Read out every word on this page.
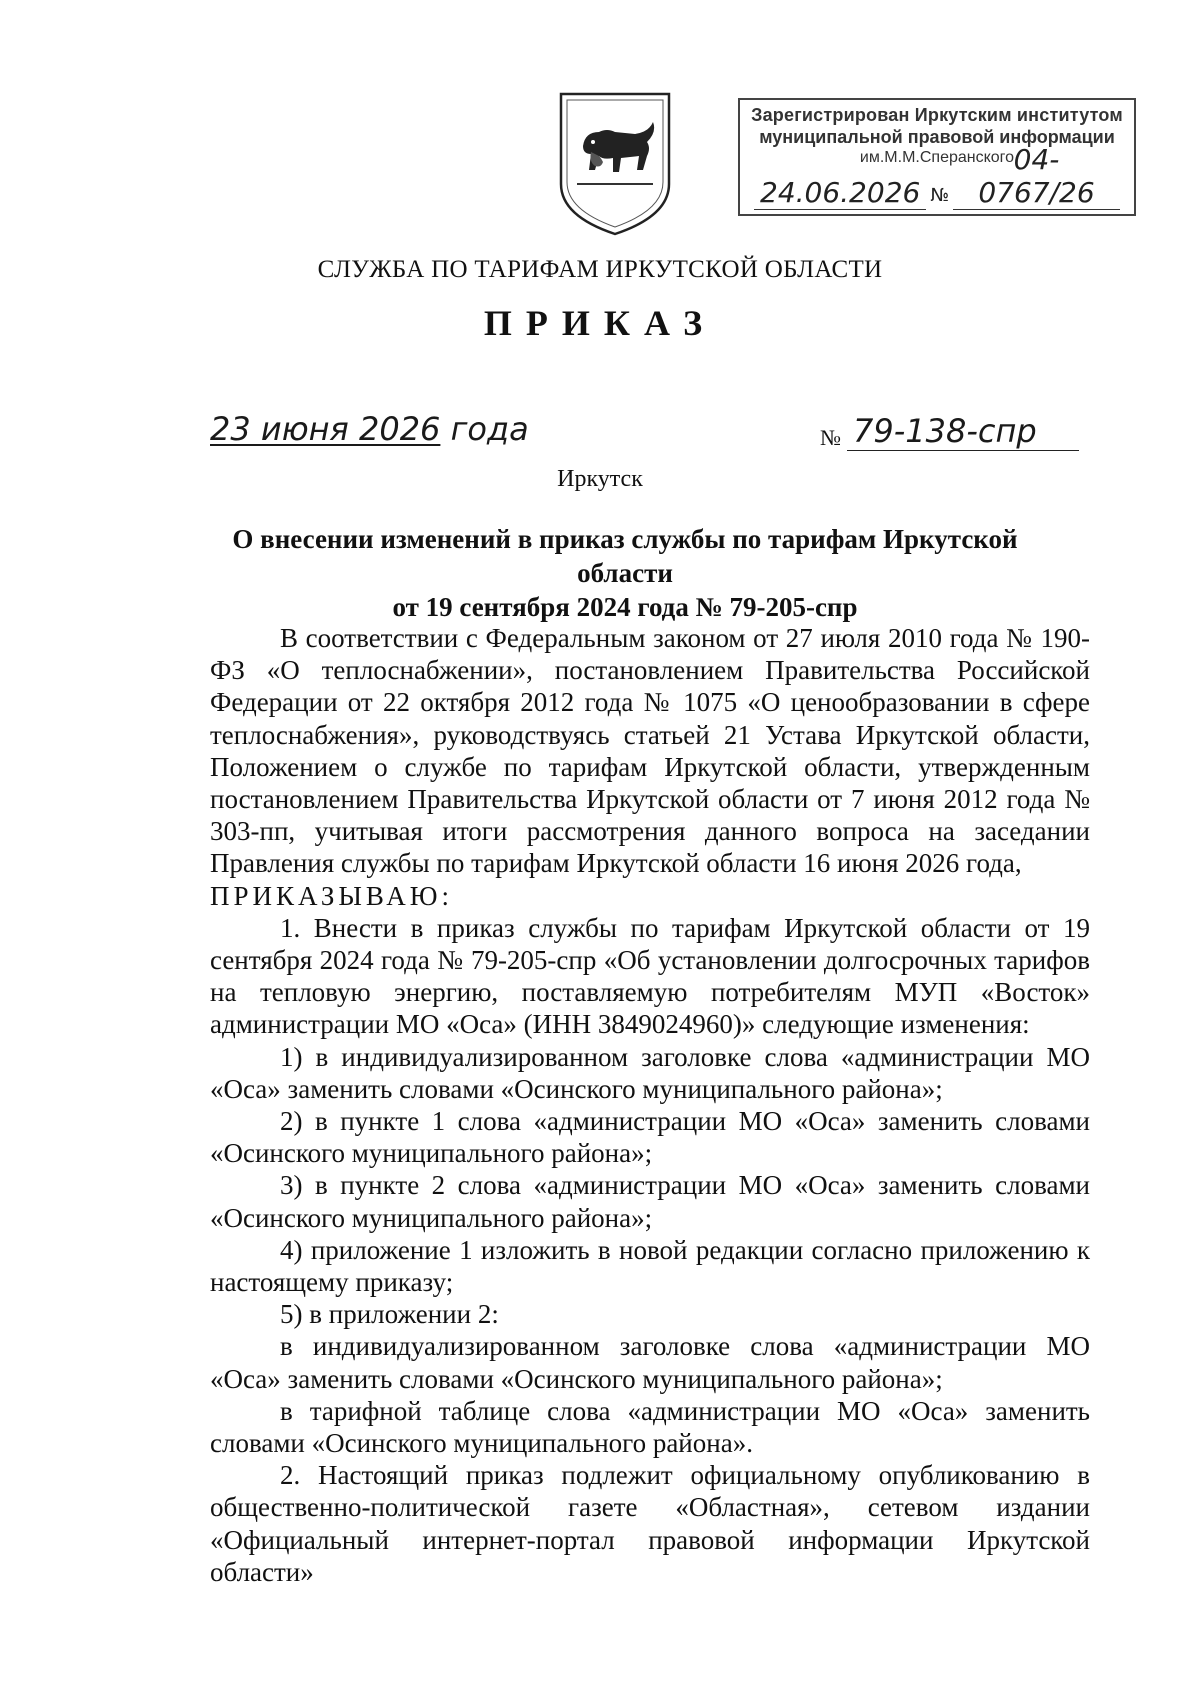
Зарегистрирован Иркутским институтом
муниципальной правовой информации
им.М.М.Сперанского
24.06.2026 №
04-0767/26
СЛУЖБА ПО ТАРИФАМ ИРКУТСКОЙ ОБЛАСТИ
ПРИКАЗ
23 июня 2026 года	№ 79-138-спр
Иркутск
О внесении изменений в приказ службы по тарифам Иркутской области
от 19 сентября 2024 года № 79-205-спр

В соответствии с Федеральным законом от 27 июля 2010 года № 190-ФЗ «О теплоснабжении», постановлением Правительства Российской Федерации от 22 октября 2012 года № 1075 «О ценообразовании в сфере теплоснабжения», руководствуясь статьей 21 Устава Иркутской области, Положением о службе по тарифам Иркутской области, утвержденным постановлением Правительства Иркутской области от 7 июня 2012 года № 303-пп, учитывая итоги рассмотрения данного вопроса на заседании Правления службы по тарифам Иркутской области 16 июня 2026 года,

ПРИКАЗЫВАЮ:

1. Внести в приказ службы по тарифам Иркутской области от 19 сентября 2024 года № 79-205-спр «Об установлении долгосрочных тарифов на тепловую энергию, поставляемую потребителям МУП «Восток» администрации МО «Оса» (ИНН 3849024960)» следующие изменения:

1) в индивидуализированном заголовке слова «администрации МО «Оса» заменить словами «Осинского муниципального района»;

2) в пункте 1 слова «администрации МО «Оса» заменить словами «Осинского муниципального района»;

3) в пункте 2 слова «администрации МО «Оса» заменить словами «Осинского муниципального района»;

4) приложение 1 изложить в новой редакции согласно приложению к настоящему приказу;

5) в приложении 2:

в индивидуализированном заголовке слова «администрации МО «Оса» заменить словами «Осинского муниципального района»;

в тарифной таблице слова «администрации МО «Оса» заменить словами «Осинского муниципального района».

2. Настоящий приказ подлежит официальному опубликованию в общественно-политической газете «Областная», сетевом издании «Официальный интернет-портал правовой информации Иркутской области»
